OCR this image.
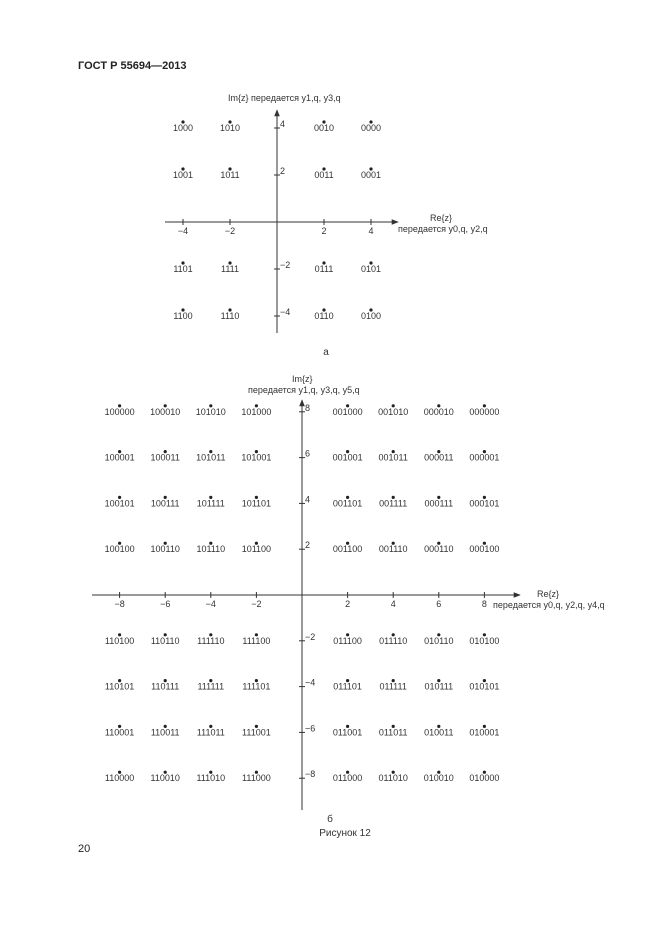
ГОСТ Р 55694—2013
−4	−2	2	4
4
2
−2
−4
1000	1010	0010	0000
1001	1011	0011	0001
1101	1111	0111	0101
1100	1110	0110	0100
Im{z} передается y1,q, y3,q
Re{z}
передается y0,q, y2,q
а
−8	−6	−4	−2	2	4	6	8
8
6
4
2
−2
−4
−6
−8
100000 100010 101010 101000	001000 001010 000010 000000
100001 100011 101011 101001	001001 001011 000011 000001
100101 100111 101111 101101	001101 001111 000111 000101
100100 100110 101110 101100	001100 001110 000110 000100
110100 110110 111110 111100	011100 011110 010110 010100
110101 110111 111111 111101	011101 011111 010111 010101
110001 110011 111011 111001	011001 011011 010011 010001
110000 110010 111010 111000	011000 011010 010010 010000
Im{z}
передается y1,q, y3,q, y5,q
Re{z}
передается y0,q, y2,q, y4,q
б
Рисунок 12
20
